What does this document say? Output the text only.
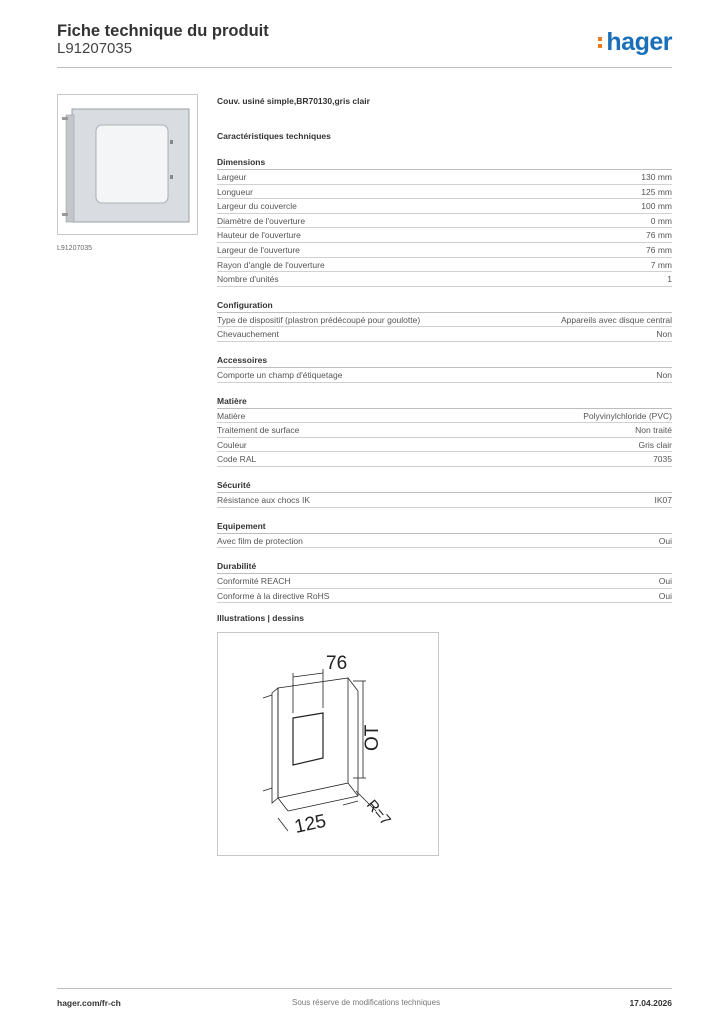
Fiche technique du produit
L91207035	hager
L91207035
Couv. usiné simple,BR70130,gris clair
Caractéristiques techniques
Dimensions
Largeur	130 mm
Longueur	125 mm
Largeur du couvercle	100 mm
Diamètre de l'ouverture	0 mm
Hauteur de l'ouverture	76 mm
Largeur de l'ouverture	76 mm
Rayon d'angle de l'ouverture	7 mm
Nombre d'unités	1
Configuration
Type de dispositif (plastron prédécoupé pour goulotte)	Appareils avec disque central
Chevauchement	Non
Accessoires
Comporte un champ d'étiquetage	Non
Matière
Matière	Polyvinylchloride (PVC)
Traitement de surface	Non traité
Couleur	Gris clair
Code RAL	7035
Sécurité
Résistance aux chocs IK	IK07
Equipement
Avec film de protection	Oui
Durabilité
Conformité REACH	Oui
Conforme à la directive RoHS	Oui
Illustrations | dessins
76
OT
125 R=7
hager.com/fr-ch	Sous réserve de modifications techniques	17.04.2026
